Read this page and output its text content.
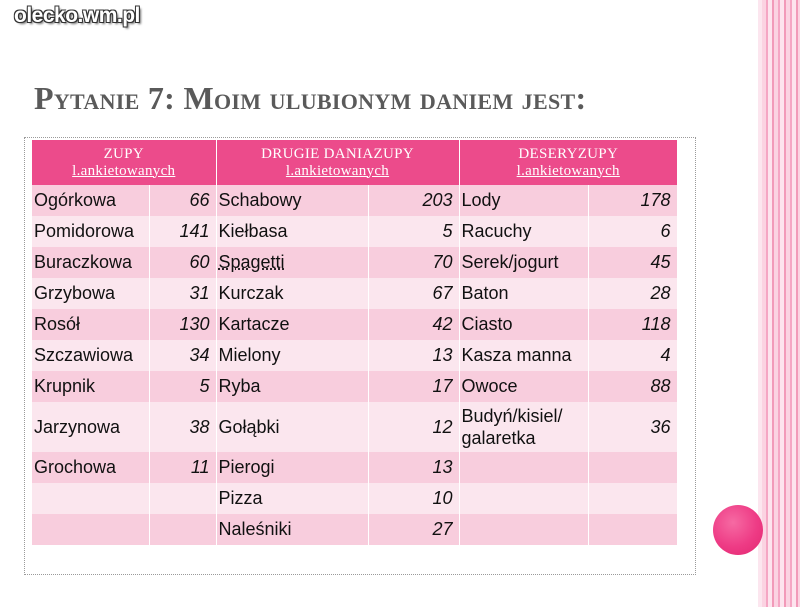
olecko.wm.pl
Pytanie 7: Moim ulubionym daniem jest:
ZUPY
l.ankietowanych		DRUGIE DANIAZUPY
l.ankietowanych		DESERYZUPY
l.ankietowanych	

Ogórkowa	66	Schabowy	203	Lody	178
Pomidorowa	141	Kiełbasa	5	Racuchy	6
Buraczkowa	60	Spagetti	70	Serek/jogurt	45
Grzybowa	31	Kurczak	67	Baton	28
Rosół	130	Kartacze	42	Ciasto	118
Szczawiowa	34	Mielony	13	Kasza manna	4
Krupnik	5	Ryba	17	Owoce	88
Jarzynowa	38	Gołąbki	12	Budyń/kisiel/ galaretka	36
Grochowa	11	Pierogi	13		
		Pizza	10		
		Naleśniki	27		
